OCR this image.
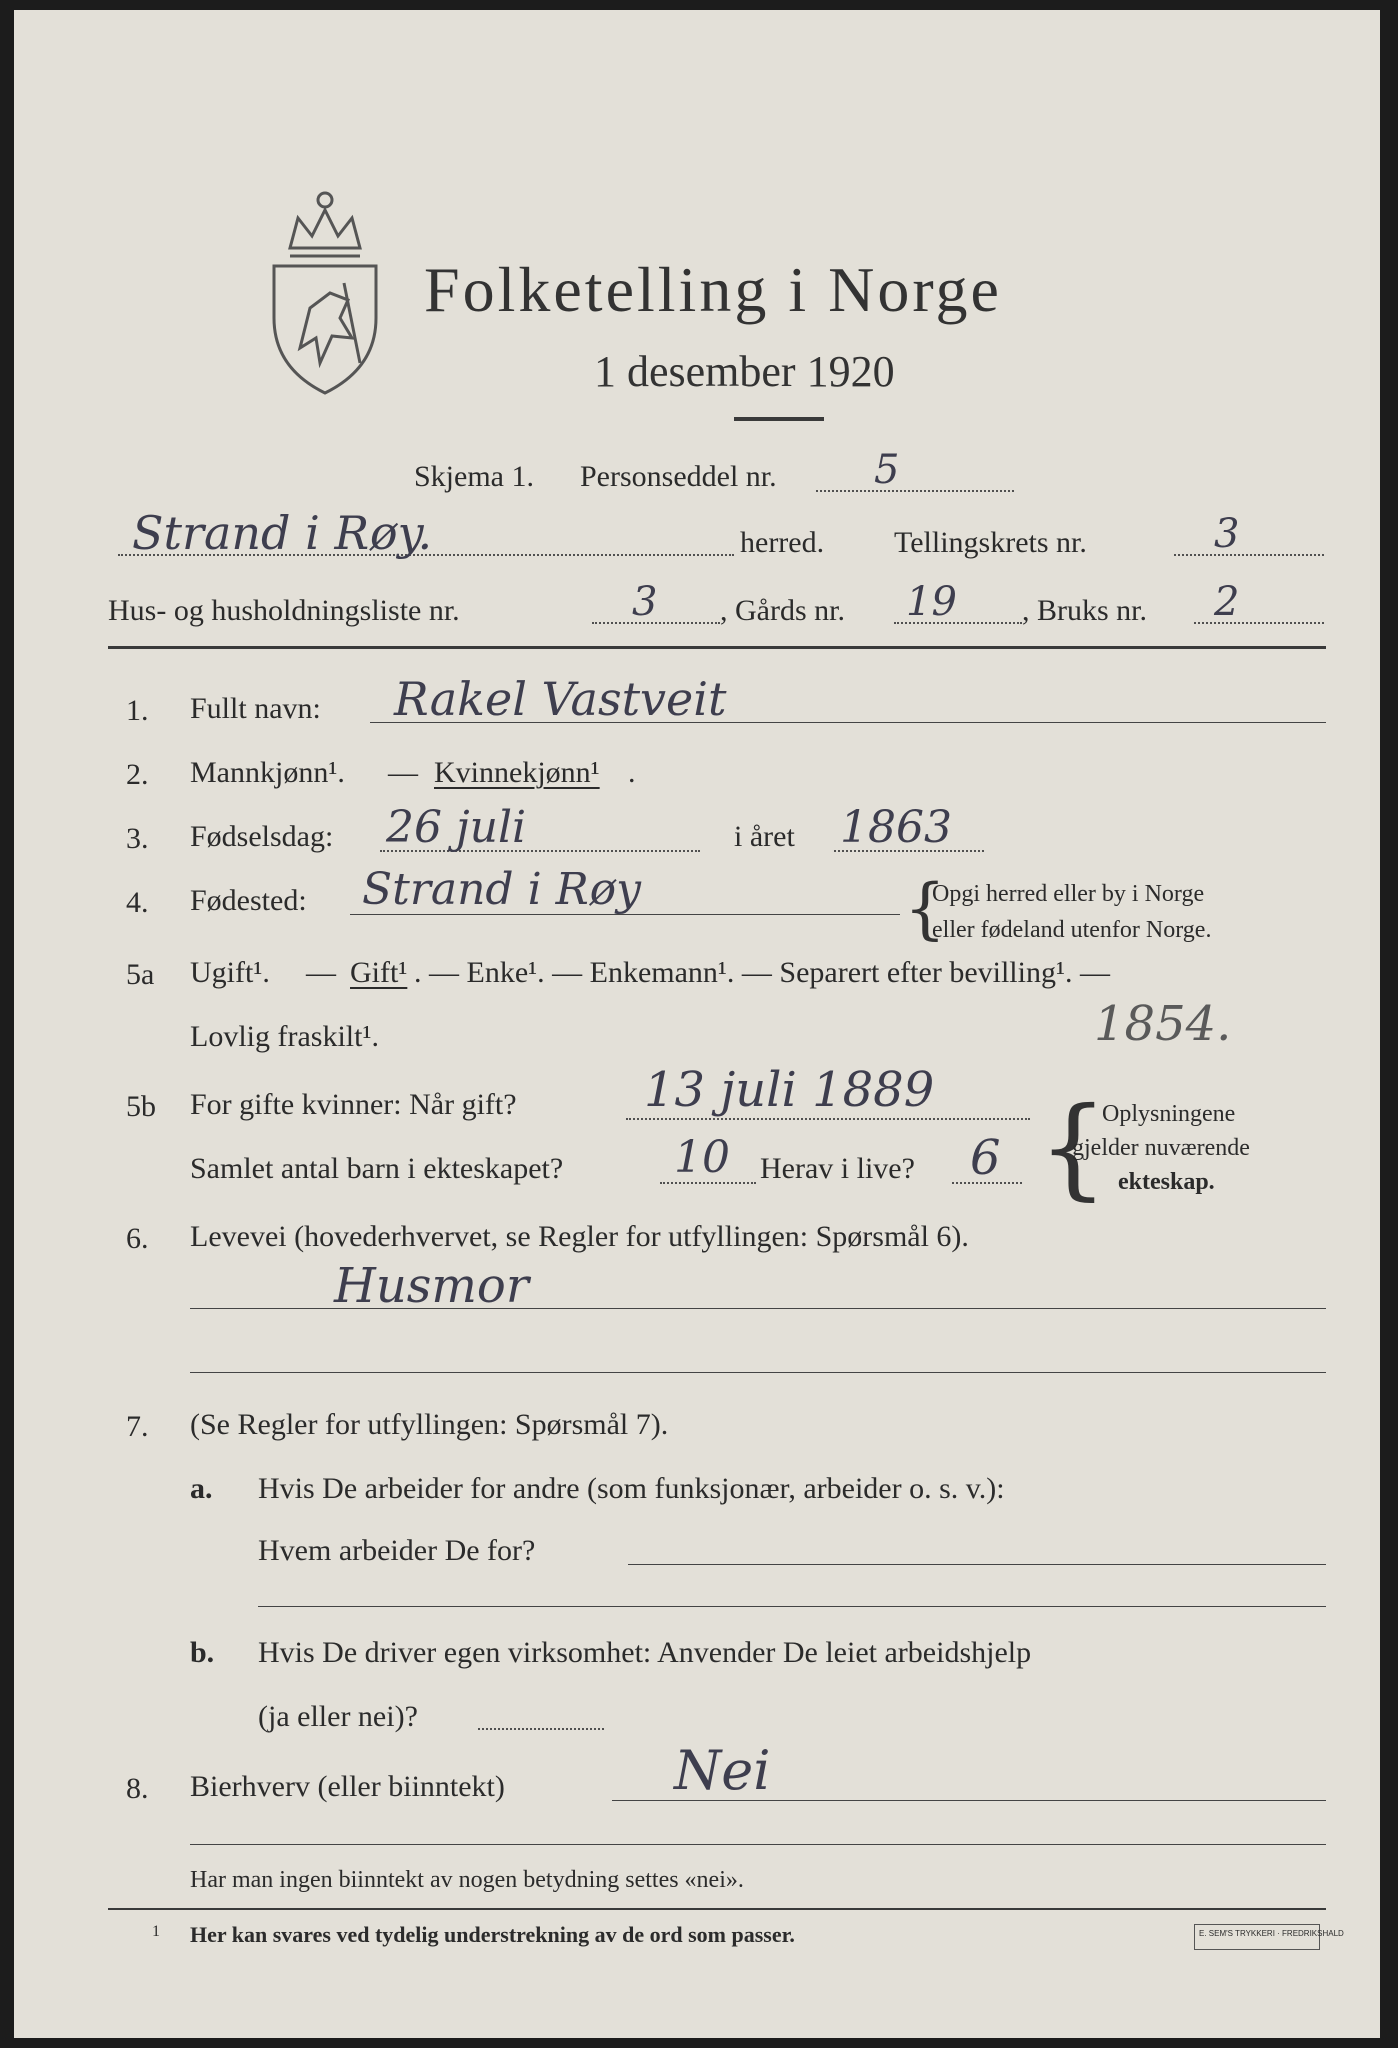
Folketelling i Norge
1 desember 1920
Skjema 1. Personseddel nr. 5
Strand i Røy.	herred. Tellingskrets nr.	3
Hus- og husholdningsliste nr.	3 , Gårds nr. 19 , Bruks nr. 2
1. Fullt navn: Rakel Vastveit
2. Mannkjønn¹. — Kvinnekjønn¹ .
3. Fødselsdag: 26 juli	i året 1863
4. Fødested: Strand i Røy	{
Opgi herred eller by i Norge
eller fødeland utenfor Norge.
5a Ugift¹. — Gift¹ . — Enke¹. — Enkemann¹. — Separert efter bevilling¹. —
Lovlig fraskilt¹.	1854.
5b For gifte kvinner: Når gift?	13 juli 1889
Samlet antal barn i ekteskapet?	10 Herav i live? 6 {
Oplysningene
gjelder nuværende
ekteskap.
6. Levevei (hovederhvervet, se Regler for utfyllingen: Spørsmål 6).
Husmor
7. (Se Regler for utfyllingen: Spørsmål 7).
a. Hvis De arbeider for andre (som funksjonær, arbeider o. s. v.):
Hvem arbeider De for?
b. Hvis De driver egen virksomhet: Anvender De leiet arbeidshjelp
(ja eller nei)?
8. Bierhverv (eller biinntekt)	Nei
Har man ingen biinntekt av nogen betydning settes «nei».
1 Her kan svares ved tydelig understrekning av de ord som passer.	E. SEM'S TRYKKERI · FREDRIKSHALD
